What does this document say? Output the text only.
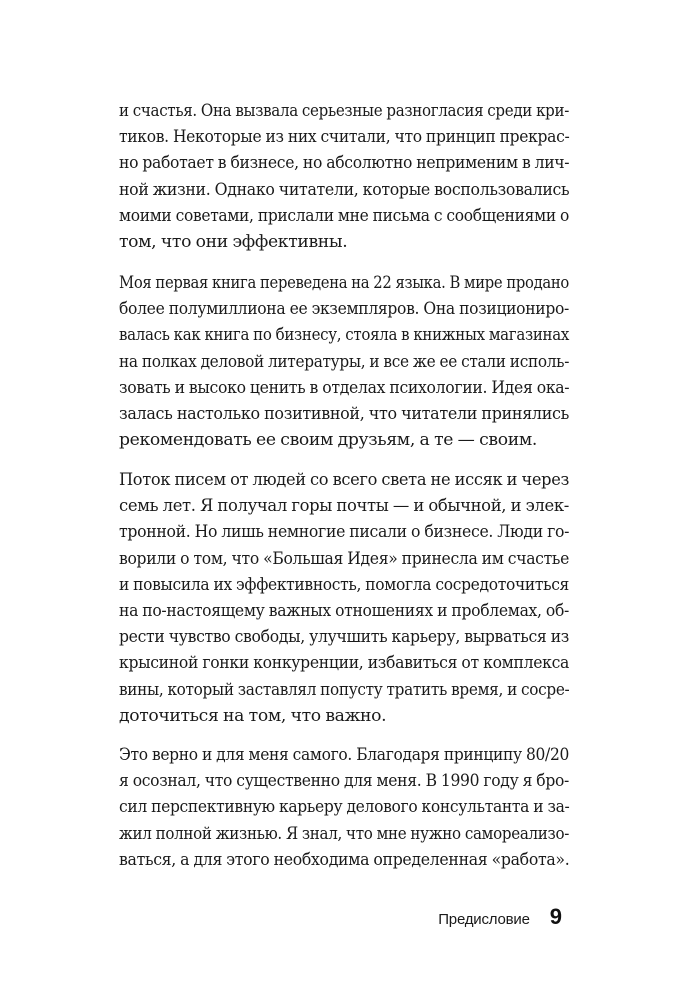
и счастья. Она вызвала серьезные разногласия среди кри-
тиков. Некоторые из них считали, что принцип прекрас-
но работает в бизнесе, но абсолютно неприменим в лич-
ной жизни. Однако читатели, которые воспользовались
моими советами, прислали мне письма с сообщениями о
том, что они эффективны.
Моя первая книга переведена на 22 языка. В мире продано
более полумиллиона ее экземпляров. Она позициониро-
валась как книга по бизнесу, стояла в книжных магазинах
на полках деловой литературы, и все же ее стали исполь-
зовать и высоко ценить в отделах психологии. Идея ока-
залась настолько позитивной, что читатели принялись
рекомендовать ее своим друзьям, а те — своим.
Поток писем от людей со всего света не иссяк и через
семь лет. Я получал горы почты — и обычной, и элек-
тронной. Но лишь немногие писали о бизнесе. Люди го-
ворили о том, что «Большая Идея» принесла им счастье
и повысила их эффективность, помогла сосредоточиться
на по-настоящему важных отношениях и проблемах, об-
рести чувство свободы, улучшить карьеру, вырваться из
крысиной гонки конкуренции, избавиться от комплекса
вины, который заставлял попусту тратить время, и сосре-
доточиться на том, что важно.
Это верно и для меня самого. Благодаря принципу 80/20
я осознал, что существенно для меня. В 1990 году я бро-
сил перспективную карьеру делового консультанта и за-
жил полной жизнью. Я знал, что мне нужно самореализо-
ваться, а для этого необходима определенная «работа».
Предисловие 9
